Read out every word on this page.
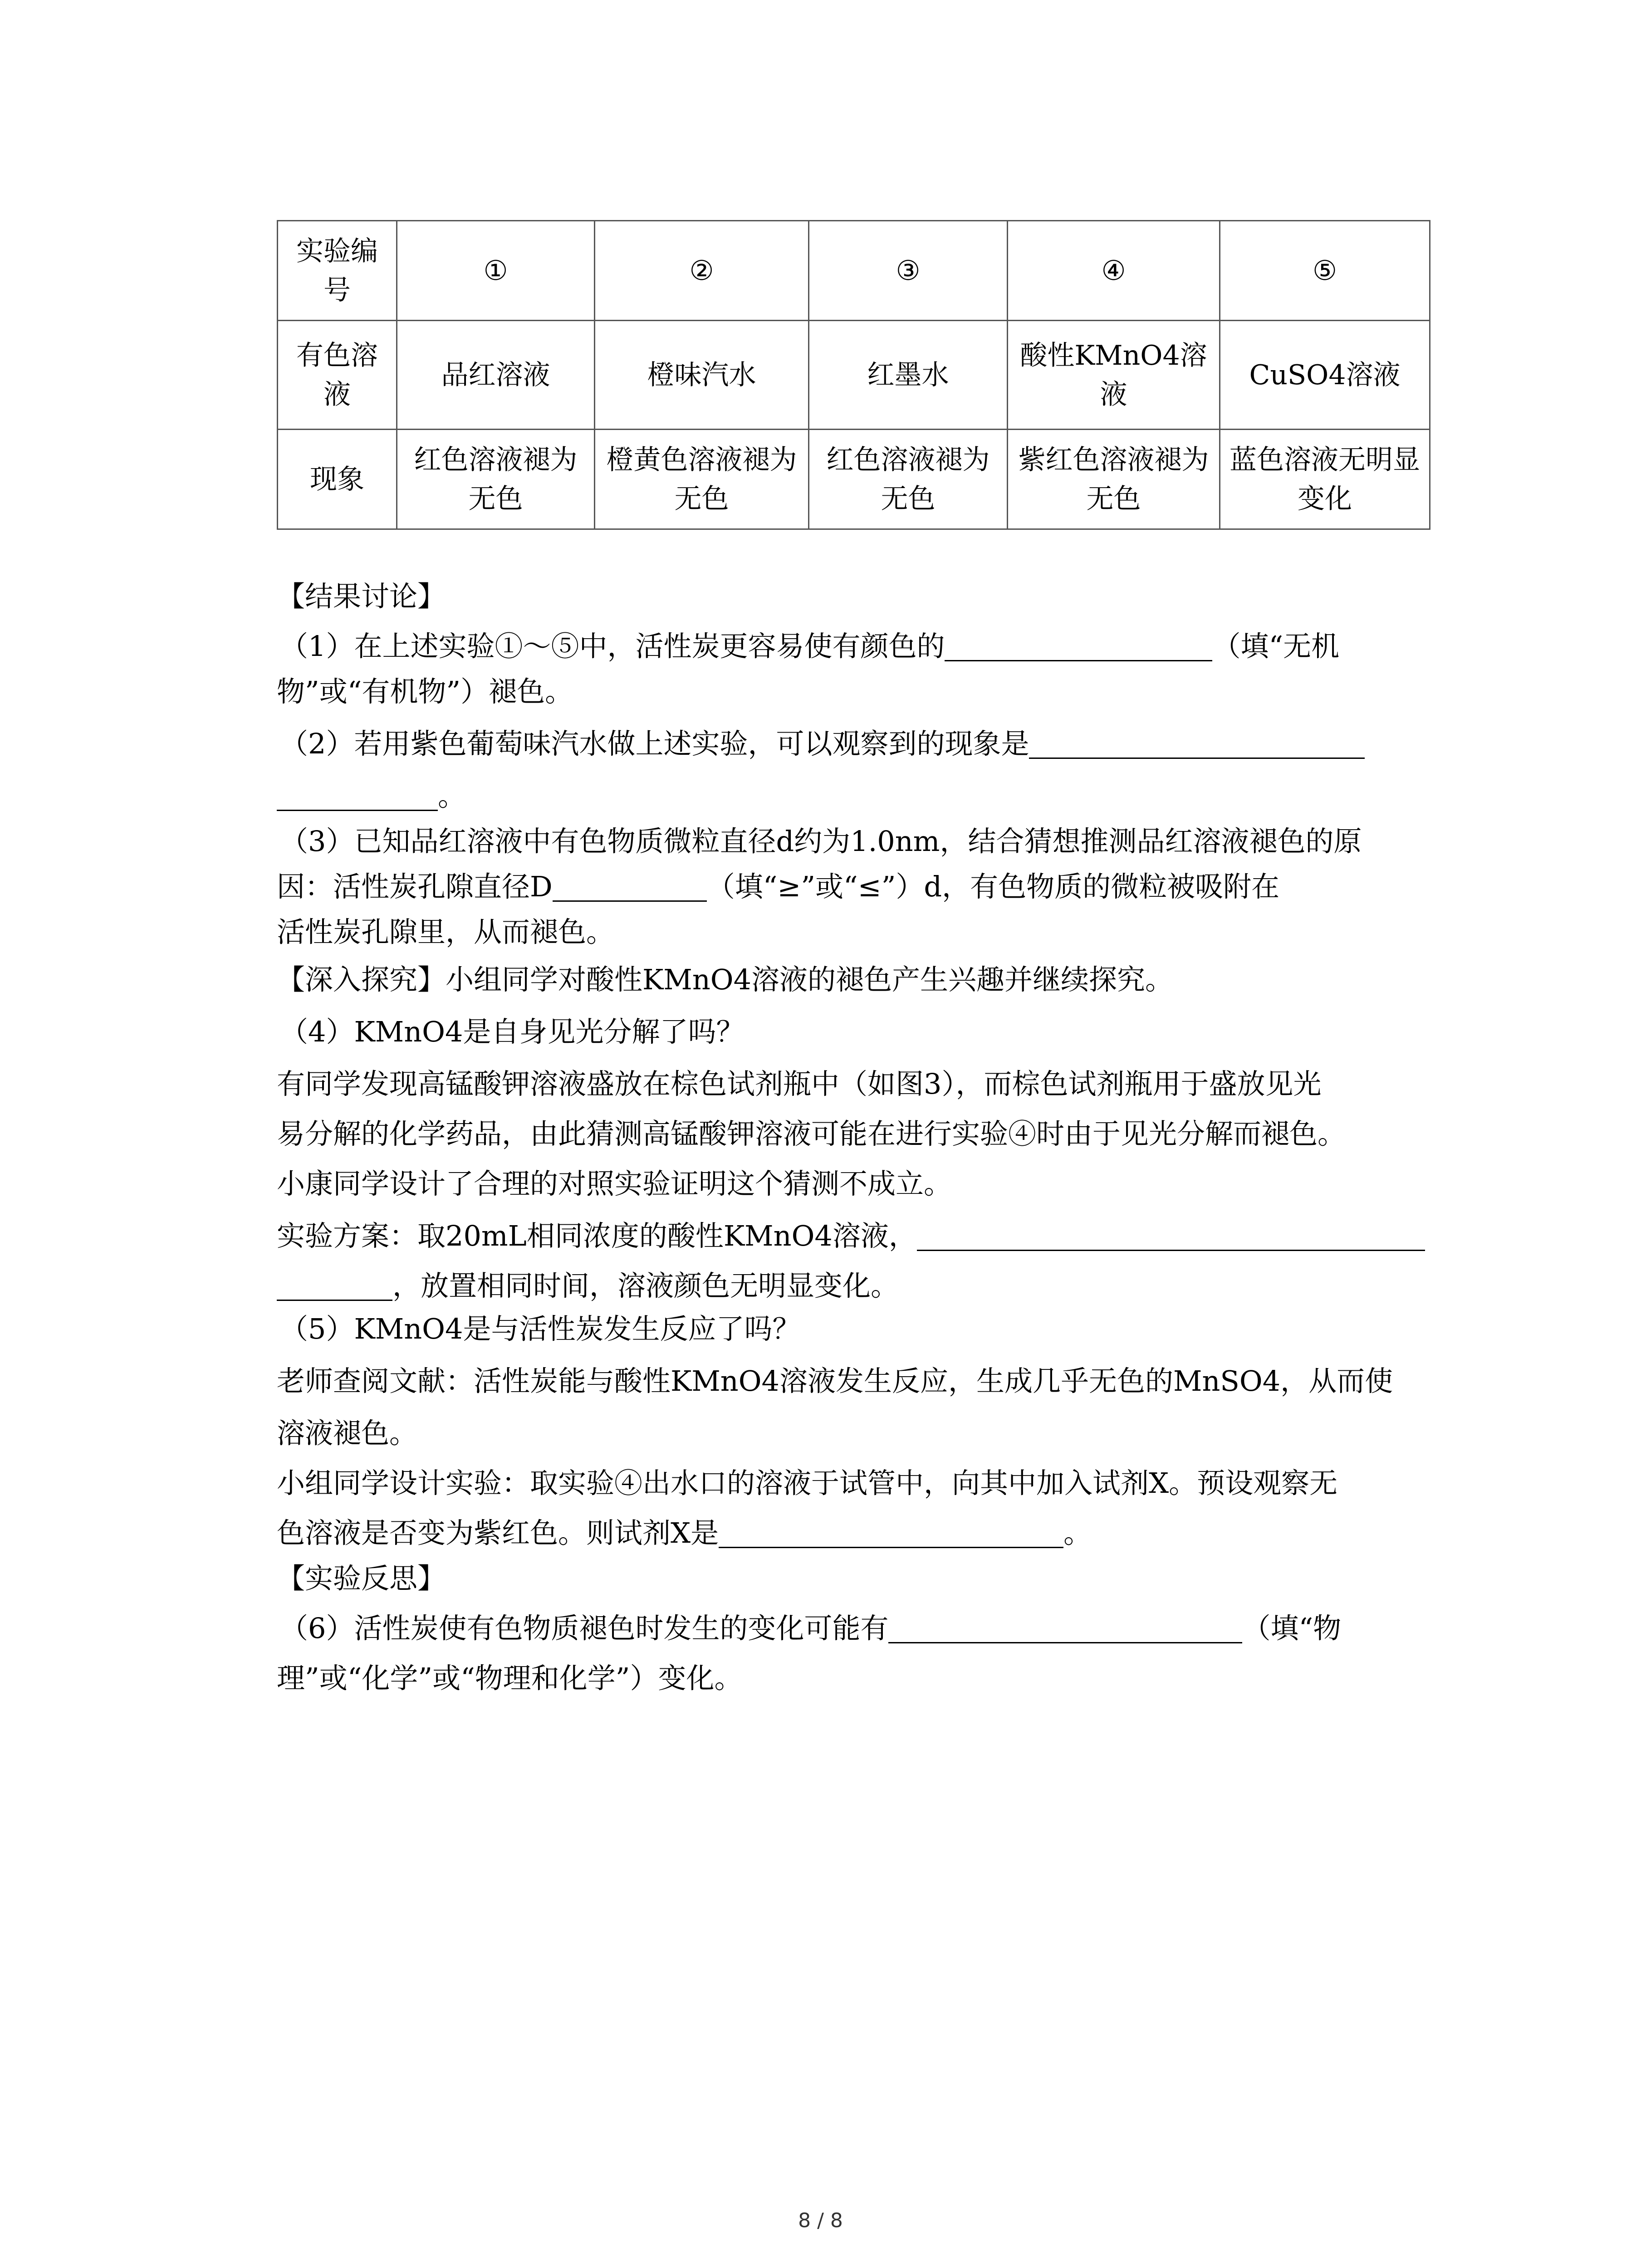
实验编号	①	②	③	④	⑤
有色溶液	品红溶液	橙味汽水	红墨水	酸性KMnO4溶液	CuSO4溶液
现象	红色溶液褪为无色	橙黄色溶液褪为无色	红色溶液褪为无色	紫红色溶液褪为无色	蓝色溶液无明显变化
【结果讨论】
（1）在上述实验①～⑤中，活性炭更容易使有颜色的	（填“无机
物”或“有机物”）褪色。
（2）若用紫色葡萄味汽水做上述实验，可以观察到的现象是
。
（3）已知品红溶液中有色物质微粒直径d约为1.0nm，结合猜想推测品红溶液褪色的原
因：活性炭孔隙直径D	（填“≥”或“≤”）d，有色物质的微粒被吸附在
活性炭孔隙里，从而褪色。
【深入探究】小组同学对酸性KMnO4溶液的褪色产生兴趣并继续探究。
（4）KMnO4是自身见光分解了吗？
有同学发现高锰酸钾溶液盛放在棕色试剂瓶中（如图3），而棕色试剂瓶用于盛放见光
易分解的化学药品，由此猜测高锰酸钾溶液可能在进行实验④时由于见光分解而褪色。
小康同学设计了合理的对照实验证明这个猜测不成立。
实验方案：取20mL相同浓度的酸性KMnO4溶液，
，放置相同时间，溶液颜色无明显变化。
（5）KMnO4是与活性炭发生反应了吗？
老师查阅文献：活性炭能与酸性KMnO4溶液发生反应，生成几乎无色的MnSO4，从而使
溶液褪色。
小组同学设计实验：取实验④出水口的溶液于试管中，向其中加入试剂X。预设观察无
色溶液是否变为紫红色。则试剂X是	。
【实验反思】
（6）活性炭使有色物质褪色时发生的变化可能有	（填“物
理”或“化学”或“物理和化学”）变化。
8 / 8
